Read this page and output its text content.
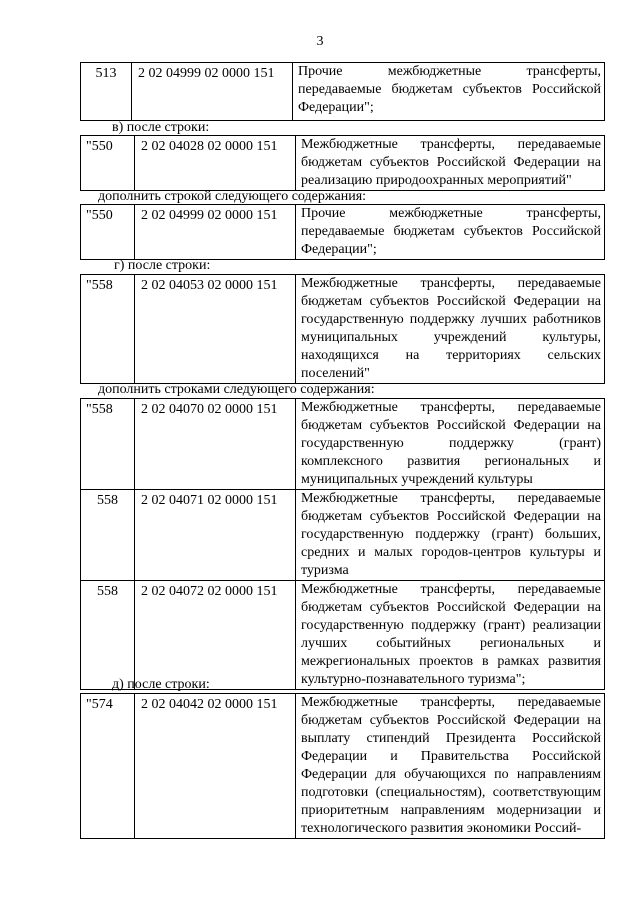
3
513	2 02 04999 02 0000 151	Прочие межбюджетные трансферты, передаваемые бюджетам субъектов Российской Федерации";
в) после строки:
"550	2 02 04028 02 0000 151	Межбюджетные трансферты, передаваемые бюджетам субъектов Российской Федерации на реализацию природоохранных мероприятий"
дополнить строкой следующего содержания:
"550	2 02 04999 02 0000 151	Прочие межбюджетные трансферты, передаваемые бюджетам субъектов Российской Федерации";
г) после строки:
"558	2 02 04053 02 0000 151	Межбюджетные трансферты, передаваемые бюджетам субъектов Российской Федерации на государственную поддержку лучших работников муниципальных учреждений культуры, находящихся на территориях сельских поселений"
дополнить строками следующего содержания:
"558	2 02 04070 02 0000 151	Межбюджетные трансферты, передаваемые бюджетам субъектов Российской Федерации на государственную поддержку (грант) комплексного развития региональных и муниципальных учреждений культуры
558	2 02 04071 02 0000 151	Межбюджетные трансферты, передаваемые бюджетам субъектов Российской Федерации на государственную поддержку (грант) больших, средних и малых городов-центров культуры и туризма
558	2 02 04072 02 0000 151	Межбюджетные трансферты, передаваемые бюджетам субъектов Российской Федерации на государственную поддержку (грант) реализации лучших событийных региональных и межрегиональных проектов в рамках развития культурно-познавательного туризма";
д) после строки:
"574	2 02 04042 02 0000 151	Межбюджетные трансферты, передаваемые бюджетам субъектов Российской Федерации на выплату стипендий Президента Российской Федерации и Правительства Российской Федерации для обучающихся по направлениям подготовки (специальностям), соответствующим приоритетным направлениям модернизации и технологического развития экономики Россий-
